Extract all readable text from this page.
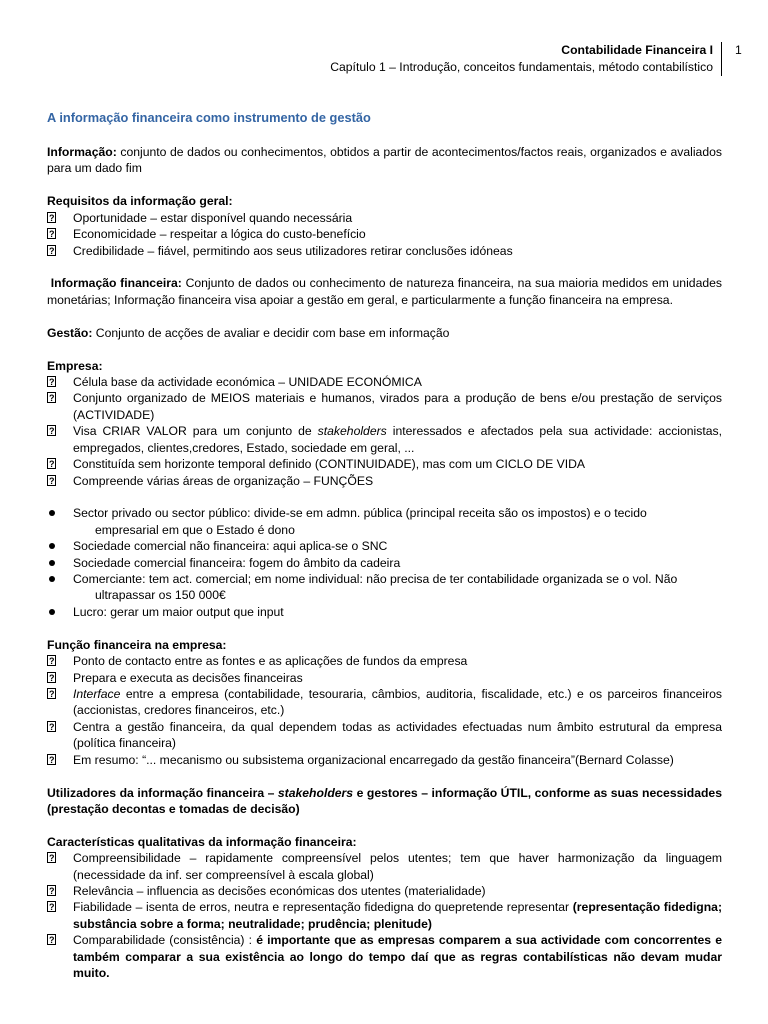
Contabilidade Financeira I
Capítulo 1 – Introdução, conceitos fundamentais, método contabilístico
1
A informação financeira como instrumento de gestão

Informação: conjunto de dados ou conhecimentos, obtidos a partir de acontecimentos/factos reais, organizados e avaliados para um dado fim

Requisitos da informação geral:

?
Oportunidade – estar disponível quando necessária
?
Economicidade – respeitar a lógica do custo-benefício
?
Credibilidade – fiável, permitindo aos seus utilizadores retirar conclusões idóneas

Informação financeira: Conjunto de dados ou conhecimento de natureza financeira, na sua maioria medidos em unidades monetárias; Informação financeira visa apoiar a gestão em geral, e particularmente a função financeira na empresa.

Gestão: Conjunto de acções de avaliar e decidir com base em informação

Empresa:

?
Célula base da actividade económica – UNIDADE ECONÓMICA
?
Conjunto organizado de MEIOS materiais e humanos, virados para a produção de bens e/ou prestação de serviços (ACTIVIDADE)
?
Visa CRIAR VALOR para um conjunto de stakeholders interessados e afectados pela sua actividade: accionistas, empregados, clientes,credores, Estado, sociedade em geral, ...
?
Constituída sem horizonte temporal definido (CONTINUIDADE), mas com um CICLO DE VIDA
?
Compreende várias áreas de organização – FUNÇÕES
Sector privado ou sector público: divide-se em admn. pública (principal receita são os impostos) e o tecido
empresarial em que o Estado é dono
Sociedade comercial não financeira: aqui aplica-se o SNC
Sociedade comercial financeira: fogem do âmbito da cadeira
Comerciante: tem act. comercial; em nome individual: não precisa de ter contabilidade organizada se o vol. Não
ultrapassar os 150 000€
Lucro: gerar um maior output que input

Função financeira na empresa:

?
Ponto de contacto entre as fontes e as aplicações de fundos da empresa
?
Prepara e executa as decisões financeiras
?
Interface entre a empresa (contabilidade, tesouraria, câmbios, auditoria, fiscalidade, etc.) e os parceiros financeiros (accionistas, credores financeiros, etc.)
?
Centra a gestão financeira, da qual dependem todas as actividades efectuadas num âmbito estrutural da empresa (política financeira)
?
Em resumo: “... mecanismo ou subsistema organizacional encarregado da gestão financeira”(Bernard Colasse)

Utilizadores da informação financeira – stakeholders e gestores – informação ÚTIL, conforme as suas necessidades (prestação decontas e tomadas de decisão)

Características qualitativas da informação financeira:

?
Compreensibilidade – rapidamente compreensível pelos utentes; tem que haver harmonização da linguagem (necessidade da inf. ser compreensível à escala global)
?
Relevância – influencia as decisões económicas dos utentes (materialidade)
?
Fiabilidade – isenta de erros, neutra e representação fidedigna do quepretende representar (representação fidedigna; substância sobre a forma; neutralidade; prudência; plenitude)
?
Comparabilidade (consistência) : é importante que as empresas comparem a sua actividade com concorrentes e também comparar a sua existência ao longo do tempo daí que as regras contabilísticas não devam mudar muito.
